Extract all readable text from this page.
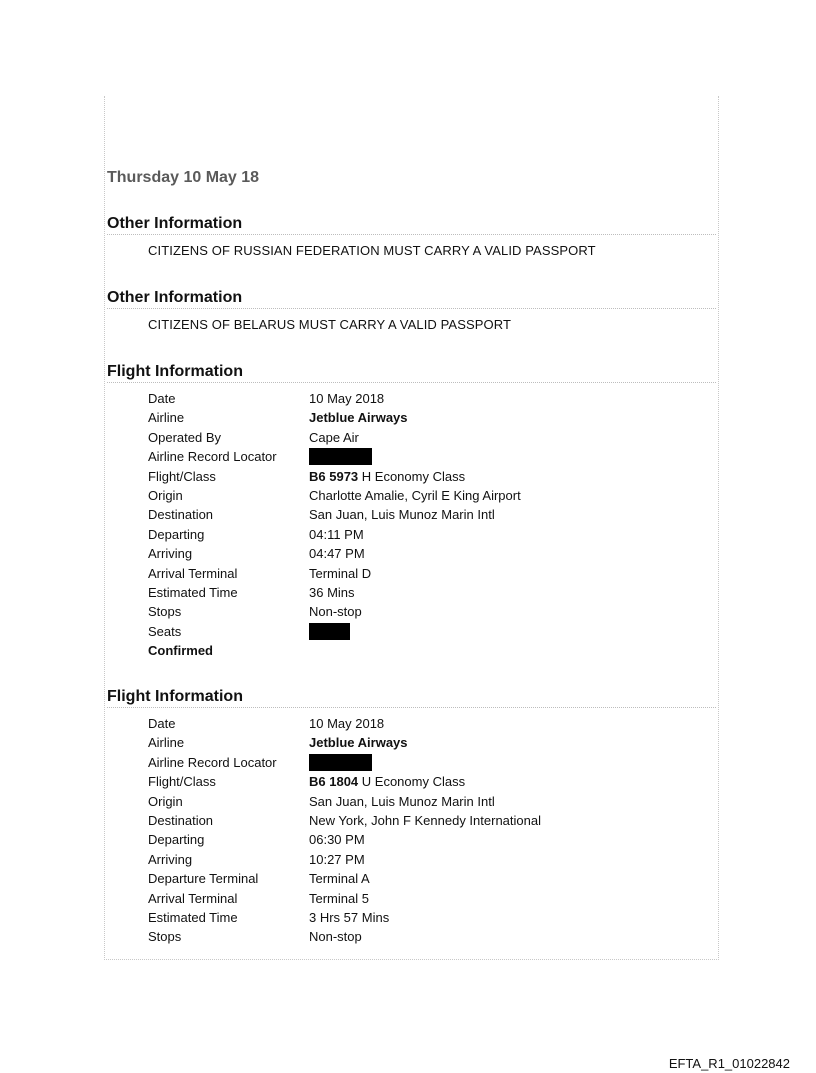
Thursday 10 May 18
Other Information
CITIZENS OF RUSSIAN FEDERATION MUST CARRY A VALID PASSPORT
Other Information
CITIZENS OF BELARUS MUST CARRY A VALID PASSPORT
Flight Information
Date	10 May 2018
Airline	Jetblue Airways
Operated By	Cape Air
Airline Record Locator
Flight/Class	B6 5973 H Economy Class
Origin	Charlotte Amalie, Cyril E King Airport
Destination	San Juan, Luis Munoz Marin Intl
Departing	04:11 PM
Arriving	04:47 PM
Arrival Terminal	Terminal D
Estimated Time	36 Mins
Stops	Non-stop
Seats
Confirmed
Flight Information
Date	10 May 2018
Airline	Jetblue Airways
Airline Record Locator
Flight/Class	B6 1804 U Economy Class
Origin	San Juan, Luis Munoz Marin Intl
Destination	New York, John F Kennedy International
Departing	06:30 PM
Arriving	10:27 PM
Departure Terminal	Terminal A
Arrival Terminal	Terminal 5
Estimated Time	3 Hrs 57 Mins
Stops	Non-stop
EFTA_R1_01022842
